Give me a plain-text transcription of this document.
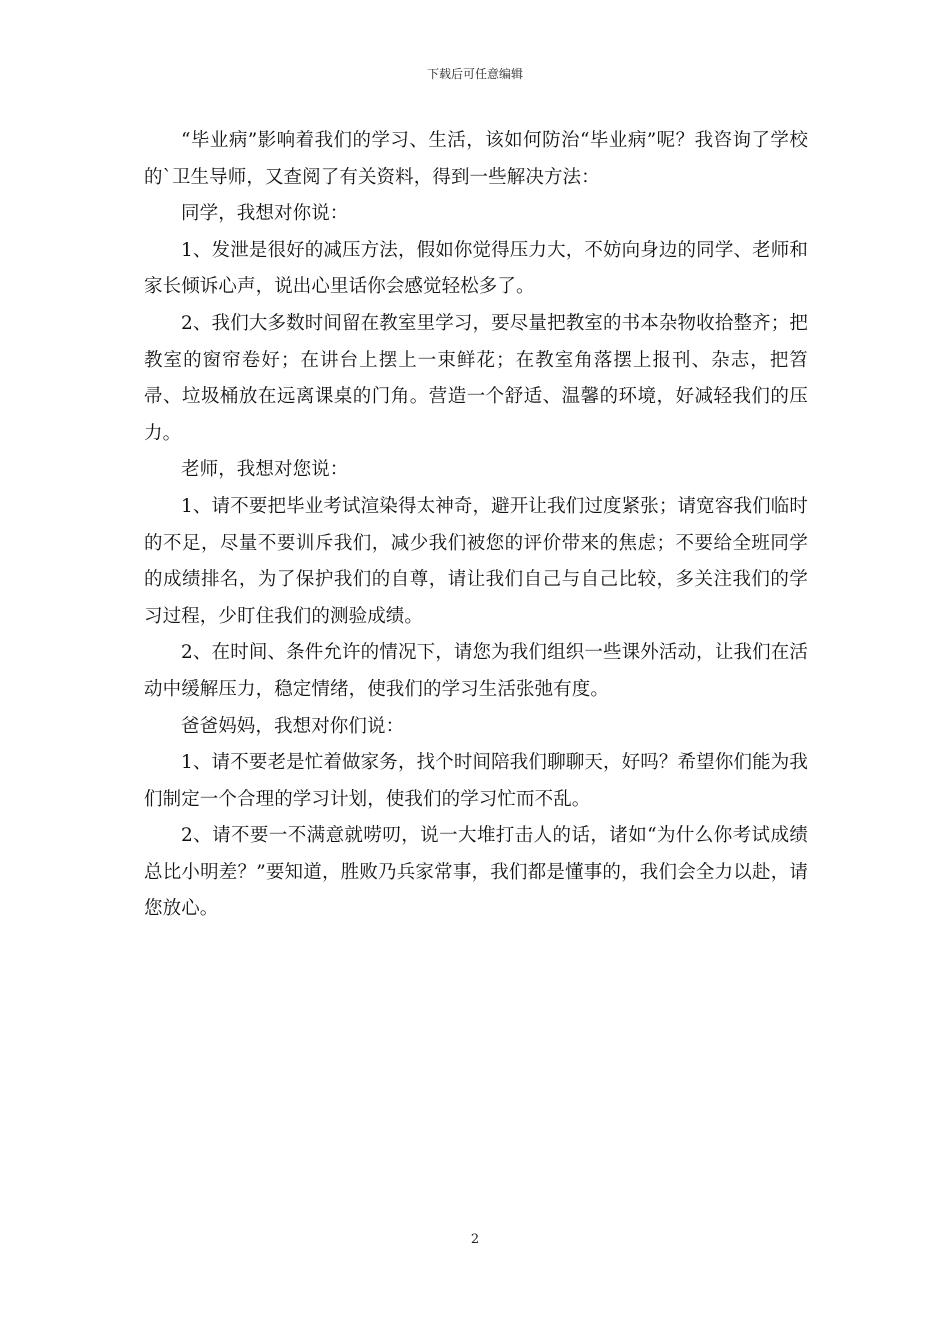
下载后可任意编辑

“毕业病”影响着我们的学习、生活，该如何防治“毕业病”呢？我咨询了学校的`卫生导师，又查阅了有关资料，得到一些解决方法：

同学，我想对你说：

1、发泄是很好的减压方法，假如你觉得压力大，不妨向身边的同学、老师和家长倾诉心声，说出心里话你会感觉轻松多了。

2、我们大多数时间留在教室里学习，要尽量把教室的书本杂物收拾整齐；把教室的窗帘卷好；在讲台上摆上一束鲜花；在教室角落摆上报刊、杂志，把笤帚、垃圾桶放在远离课桌的门角。营造一个舒适、温馨的环境，好减轻我们的压力。

老师，我想对您说：

1、请不要把毕业考试渲染得太神奇，避开让我们过度紧张；请宽容我们临时的不足，尽量不要训斥我们，减少我们被您的评价带来的焦虑；不要给全班同学的成绩排名，为了保护我们的自尊，请让我们自己与自己比较，多关注我们的学习过程，少盯住我们的测验成绩。

2、在时间、条件允许的情况下，请您为我们组织一些课外活动，让我们在活动中缓解压力，稳定情绪，使我们的学习生活张弛有度。

爸爸妈妈，我想对你们说：

1、请不要老是忙着做家务，找个时间陪我们聊聊天，好吗？希望你们能为我们制定一个合理的学习计划，使我们的学习忙而不乱。

2、请不要一不满意就唠叨，说一大堆打击人的话，诸如“为什么你考试成绩总比小明差？”要知道，胜败乃兵家常事，我们都是懂事的，我们会全力以赴，请您放心。

2
